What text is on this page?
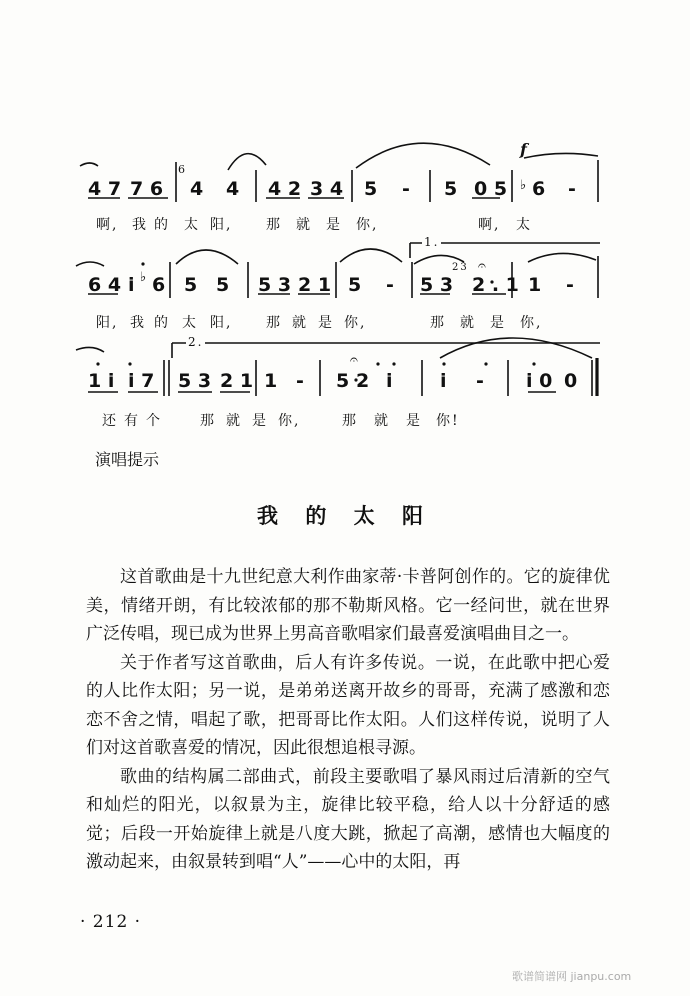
f
6
1.
2.
23 𝄐
𝄐
♭
♭
4 7 7 6 4 4 4 2 3 4 5 - 5 0 5 6 -
啊, 我 的 太 阳, 那 就 是 你,	啊, 太
6 4 i 6 5 5 5 3 2 1 5 - 5 3 2 . 1 1 -
阳, 我 的 太 阳, 那 就 是 你,	那 就 是 你,
1 i i 7 5 3 2 1 1 - 5 2 i i - i 0 0
还 有 个	那 就 是 你,	那 就 是 你!
演唱提示
我 的 太 阳

这首歌曲是十九世纪意大利作曲家蒂·卡普阿创作的。它的旋律优美，情绪开朗，有比较浓郁的那不勒斯风格。它一经问世，就在世界广泛传唱，现已成为世界上男高音歌唱家们最喜爱演唱曲目之一。

关于作者写这首歌曲，后人有许多传说。一说，在此歌中把心爱的人比作太阳；另一说，是弟弟送离开故乡的哥哥，充满了感激和恋恋不舍之情，唱起了歌，把哥哥比作太阳。人们这样传说，说明了人们对这首歌喜爱的情况，因此很想追根寻源。

歌曲的结构属二部曲式，前段主要歌唱了暴风雨过后清新的空气和灿烂的阳光，以叙景为主，旋律比较平稳，给人以十分舒适的感觉；后段一开始旋律上就是八度大跳，掀起了高潮，感情也大幅度的激动起来，由叙景转到唱“人”——心中的太阳，再

· 212 ·
歌谱简谱网 jianpu.com
